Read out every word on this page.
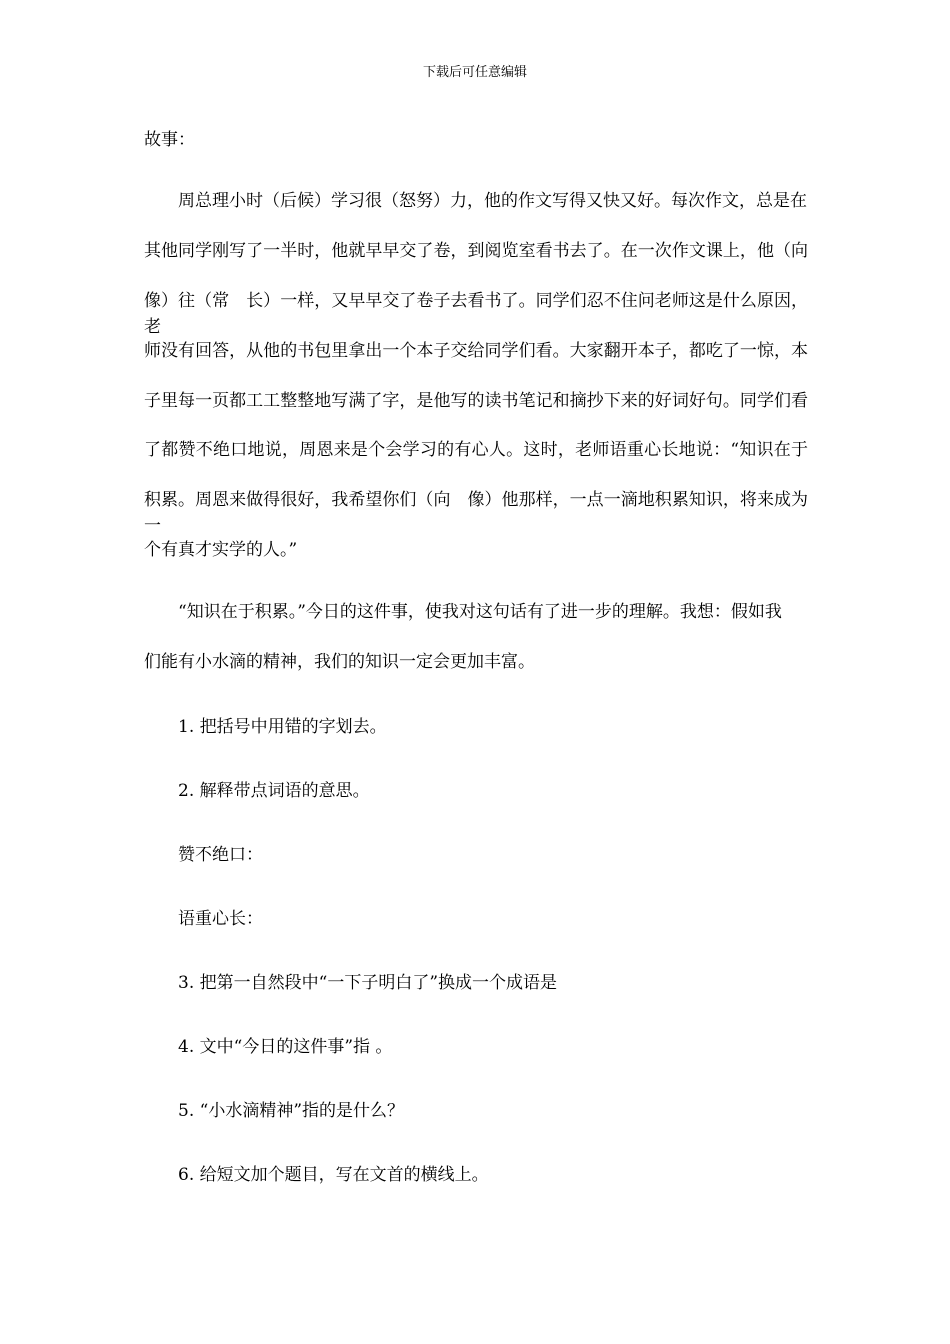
下载后可任意编辑
故事：
周总理小时（后候）学习很（怒努）力，他的作文写得又快又好。每次作文，总是在
其他同学刚写了一半时，他就早早交了卷，到阅览室看书去了。在一次作文课上，他（向
像）往（常　长）一样，又早早交了卷子去看书了。同学们忍不住问老师这是什么原因，老
师没有回答，从他的书包里拿出一个本子交给同学们看。大家翻开本子，都吃了一惊，本
子里每一页都工工整整地写满了字，是他写的读书笔记和摘抄下来的好词好句。同学们看
了都赞不绝口地说，周恩来是个会学习的有心人。这时，老师语重心长地说：“知识在于
积累。周恩来做得很好，我希望你们（向　像）他那样，一点一滴地积累知识，将来成为一
个有真才实学的人。”
“知识在于积累。”今日的这件事，使我对这句话有了进一步的理解。我想：假如我
们能有小水滴的精神，我们的知识一定会更加丰富。
1. 把括号中用错的字划去。
2. 解释带点词语的意思。
赞不绝口：
语重心长：
3. 把第一自然段中“一下子明白了”换成一个成语是
4. 文中“今日的这件事”指 。
5. “小水滴精神”指的是什么？
6. 给短文加个题目，写在文首的横线上。
